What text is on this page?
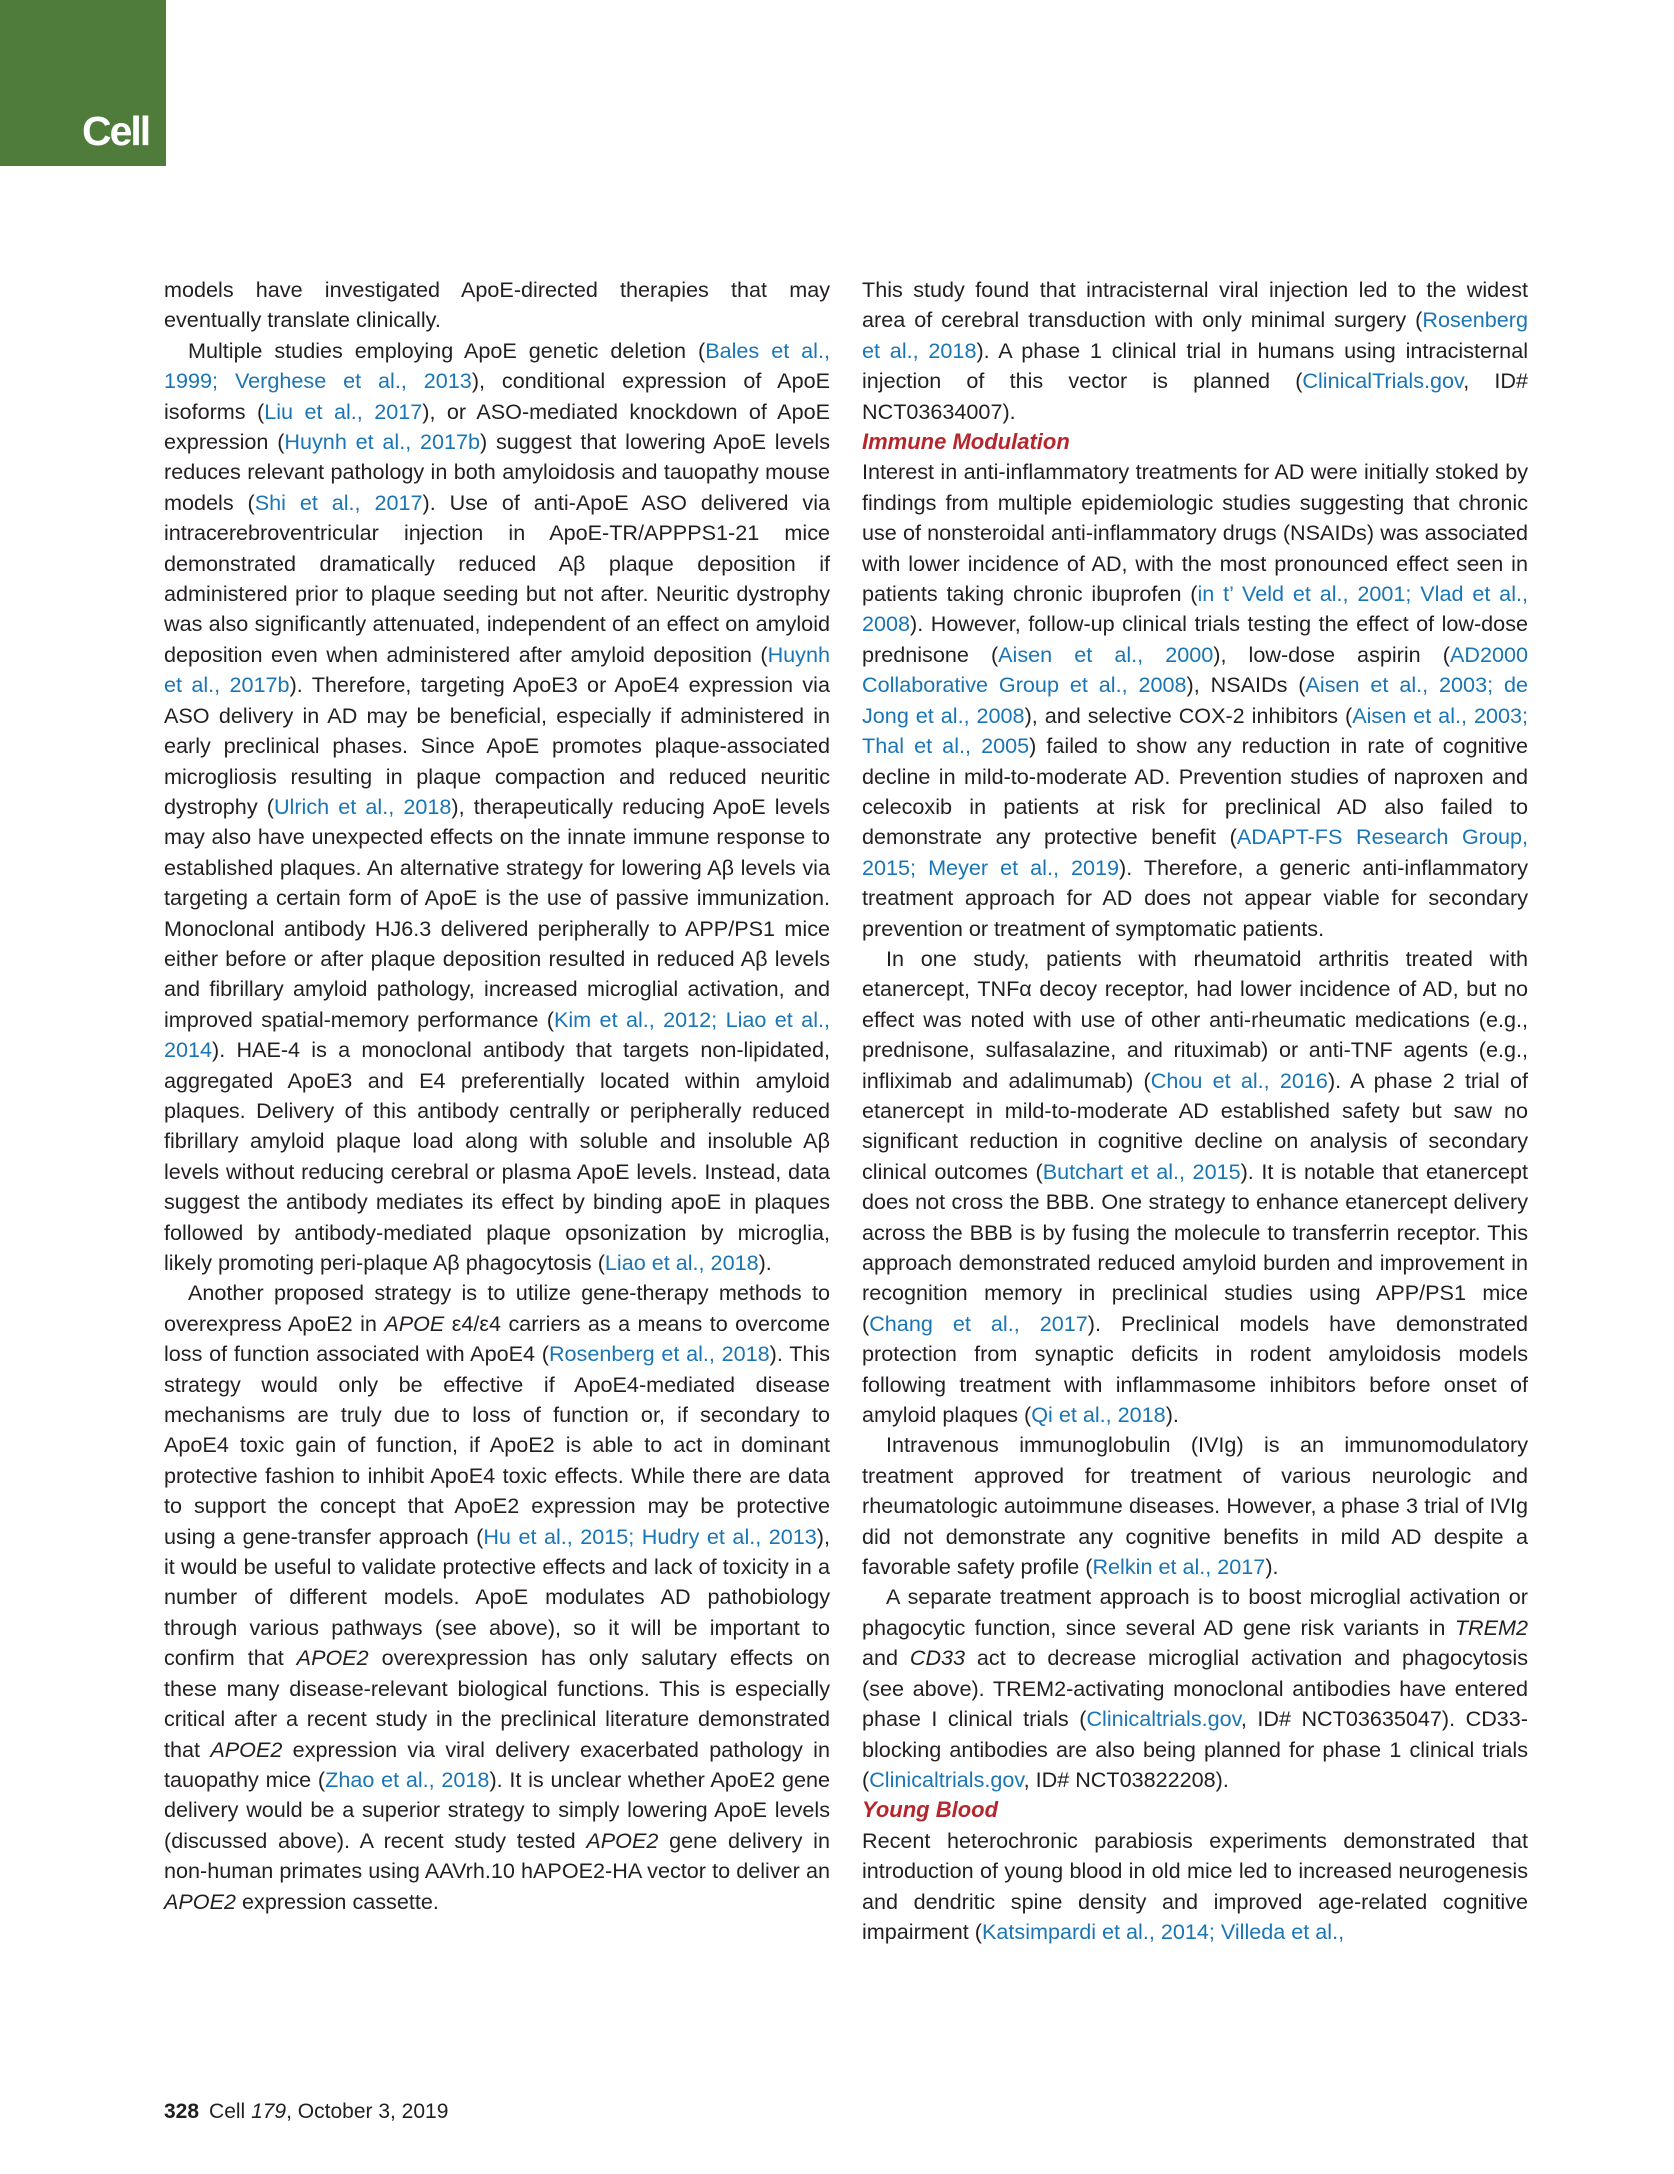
Cell

models have investigated ApoE-directed therapies that may eventually translate clinically.

Multiple studies employing ApoE genetic deletion (Bales et al., 1999; Verghese et al., 2013), conditional expression of ApoE isoforms (Liu et al., 2017), or ASO-mediated knockdown of ApoE expression (Huynh et al., 2017b) suggest that lowering ApoE levels reduces relevant pathology in both amyloidosis and tauopathy mouse models (Shi et al., 2017). Use of anti-ApoE ASO delivered via intracerebroventricular injection in ApoE-TR/APPPS1-21 mice demonstrated dramatically reduced Aβ plaque deposition if administered prior to plaque seeding but not after. Neuritic dystrophy was also significantly attenuated, independent of an effect on amyloid deposition even when administered after amyloid deposition (Huynh et al., 2017b). Therefore, targeting ApoE3 or ApoE4 expression via ASO delivery in AD may be beneficial, especially if administered in early preclinical phases. Since ApoE promotes plaque-associated microgliosis resulting in plaque compaction and reduced neuritic dystrophy (Ulrich et al., 2018), therapeutically reducing ApoE levels may also have unexpected effects on the innate immune response to established plaques. An alternative strategy for lowering Aβ levels via targeting a certain form of ApoE is the use of passive immunization. Monoclonal antibody HJ6.3 delivered peripherally to APP/PS1 mice either before or after plaque deposition resulted in reduced Aβ levels and fibrillary amyloid pathology, increased microglial activation, and improved spatial-memory performance (Kim et al., 2012; Liao et al., 2014). HAE-4 is a monoclonal antibody that targets non-lipidated, aggregated ApoE3 and E4 preferentially located within amyloid plaques. Delivery of this antibody centrally or peripherally reduced fibrillary amyloid plaque load along with soluble and insoluble Aβ levels without reducing cerebral or plasma ApoE levels. Instead, data suggest the antibody mediates its effect by binding apoE in plaques followed by antibody-mediated plaque opsonization by microglia, likely promoting peri-plaque Aβ phagocytosis (Liao et al., 2018).

Another proposed strategy is to utilize gene-therapy methods to overexpress ApoE2 in APOE ε4/ε4 carriers as a means to overcome loss of function associated with ApoE4 (Rosenberg et al., 2018). This strategy would only be effective if ApoE4-mediated disease mechanisms are truly due to loss of function or, if secondary to ApoE4 toxic gain of function, if ApoE2 is able to act in dominant protective fashion to inhibit ApoE4 toxic effects. While there are data to support the concept that ApoE2 expression may be protective using a gene-transfer approach (Hu et al., 2015; Hudry et al., 2013), it would be useful to validate protective effects and lack of toxicity in a number of different models. ApoE modulates AD pathobiology through various pathways (see above), so it will be important to confirm that APOE2 overexpression has only salutary effects on these many disease-relevant biological functions. This is especially critical after a recent study in the preclinical literature demonstrated that APOE2 expression via viral delivery exacerbated pathology in tauopathy mice (Zhao et al., 2018). It is unclear whether ApoE2 gene delivery would be a superior strategy to simply lowering ApoE levels (discussed above). A recent study tested APOE2 gene delivery in non-human primates using AAVrh.10 hAPOE2-HA vector to deliver an APOE2 expression cassette.

This study found that intracisternal viral injection led to the widest area of cerebral transduction with only minimal surgery (Rosenberg et al., 2018). A phase 1 clinical trial in humans using intracisternal injection of this vector is planned (ClinicalTrials.gov, ID# NCT03634007).

Immune Modulation

Interest in anti-inflammatory treatments for AD were initially stoked by findings from multiple epidemiologic studies suggesting that chronic use of nonsteroidal anti-inflammatory drugs (NSAIDs) was associated with lower incidence of AD, with the most pronounced effect seen in patients taking chronic ibuprofen (in t’ Veld et al., 2001; Vlad et al., 2008). However, follow-up clinical trials testing the effect of low-dose prednisone (Aisen et al., 2000), low-dose aspirin (AD2000 Collaborative Group et al., 2008), NSAIDs (Aisen et al., 2003; de Jong et al., 2008), and selective COX-2 inhibitors (Aisen et al., 2003; Thal et al., 2005) failed to show any reduction in rate of cognitive decline in mild-to-moderate AD. Prevention studies of naproxen and celecoxib in patients at risk for preclinical AD also failed to demonstrate any protective benefit (ADAPT-FS Research Group, 2015; Meyer et al., 2019). Therefore, a generic anti-inflammatory treatment approach for AD does not appear viable for secondary prevention or treatment of symptomatic patients.

In one study, patients with rheumatoid arthritis treated with etanercept, TNFα decoy receptor, had lower incidence of AD, but no effect was noted with use of other anti-rheumatic medications (e.g., prednisone, sulfasalazine, and rituximab) or anti-TNF agents (e.g., infliximab and adalimumab) (Chou et al., 2016). A phase 2 trial of etanercept in mild-to-moderate AD established safety but saw no significant reduction in cognitive decline on analysis of secondary clinical outcomes (Butchart et al., 2015). It is notable that etanercept does not cross the BBB. One strategy to enhance etanercept delivery across the BBB is by fusing the molecule to transferrin receptor. This approach demonstrated reduced amyloid burden and improvement in recognition memory in preclinical studies using APP/PS1 mice (Chang et al., 2017). Preclinical models have demonstrated protection from synaptic deficits in rodent amyloidosis models following treatment with inflammasome inhibitors before onset of amyloid plaques (Qi et al., 2018).

Intravenous immunoglobulin (IVIg) is an immunomodulatory treatment approved for treatment of various neurologic and rheumatologic autoimmune diseases. However, a phase 3 trial of IVIg did not demonstrate any cognitive benefits in mild AD despite a favorable safety profile (Relkin et al., 2017).

A separate treatment approach is to boost microglial activation or phagocytic function, since several AD gene risk variants in TREM2 and CD33 act to decrease microglial activation and phagocytosis (see above). TREM2-activating monoclonal antibodies have entered phase I clinical trials (Clinicaltrials.gov, ID# NCT03635047). CD33-blocking antibodies are also being planned for phase 1 clinical trials (Clinicaltrials.gov, ID# NCT03822208).

Young Blood

Recent heterochronic parabiosis experiments demonstrated that introduction of young blood in old mice led to increased neurogenesis and dendritic spine density and improved age-related cognitive impairment (Katsimpardi et al., 2014; Villeda et al.,

328 Cell 179, October 3, 2019
